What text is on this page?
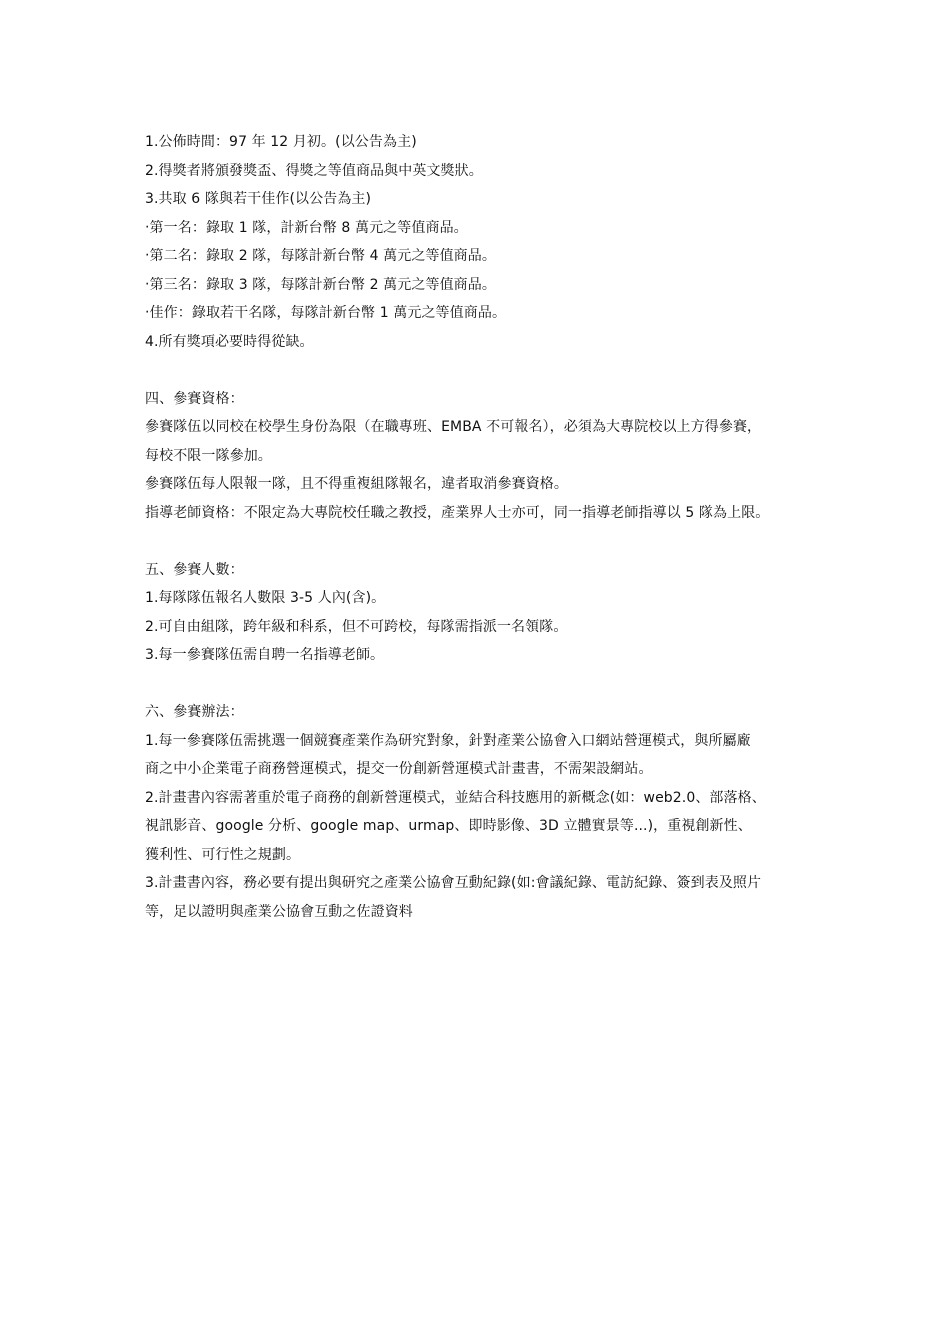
1.公佈時間：97 年 12 月初。(以公告為主)
2.得獎者將頒發獎盃、得獎之等值商品與中英文獎狀。
3.共取 6 隊與若干佳作(以公告為主)
‧第一名：錄取 1 隊，計新台幣 8 萬元之等值商品。
‧第二名：錄取 2 隊，每隊計新台幣 4 萬元之等值商品。
‧第三名：錄取 3 隊，每隊計新台幣 2 萬元之等值商品。
‧佳作：錄取若干名隊，每隊計新台幣 1 萬元之等值商品。
4.所有獎項必要時得從缺。
四、參賽資格：
參賽隊伍以同校在校學生身份為限（在職專班、EMBA 不可報名），必須為大專院校以上方得參賽，
每校不限一隊參加。
參賽隊伍每人限報一隊，且不得重複組隊報名，違者取消參賽資格。
指導老師資格：不限定為大專院校任職之教授，產業界人士亦可，同一指導老師指導以 5 隊為上限。
五、參賽人數：
1.每隊隊伍報名人數限 3-5 人內(含)。
2.可自由組隊，跨年級和科系，但不可跨校，每隊需指派一名領隊。
3.每一參賽隊伍需自聘一名指導老師。
六、參賽辦法：
1.每一參賽隊伍需挑選一個競賽產業作為研究對象，針對產業公協會入口網站營運模式，與所屬廠
商之中小企業電子商務營運模式，提交一份創新營運模式計畫書，不需架設網站。
2.計畫書內容需著重於電子商務的創新營運模式，並結合科技應用的新概念(如：web2.0、部落格、
視訊影音、google 分析、google map、urmap、即時影像、3D 立體實景等...)，重視創新性、
獲利性、可行性之規劃。
3.計畫書內容，務必要有提出與研究之產業公協會互動紀錄(如:會議紀錄、電訪紀錄、簽到表及照片
等，足以證明與產業公協會互動之佐證資料
